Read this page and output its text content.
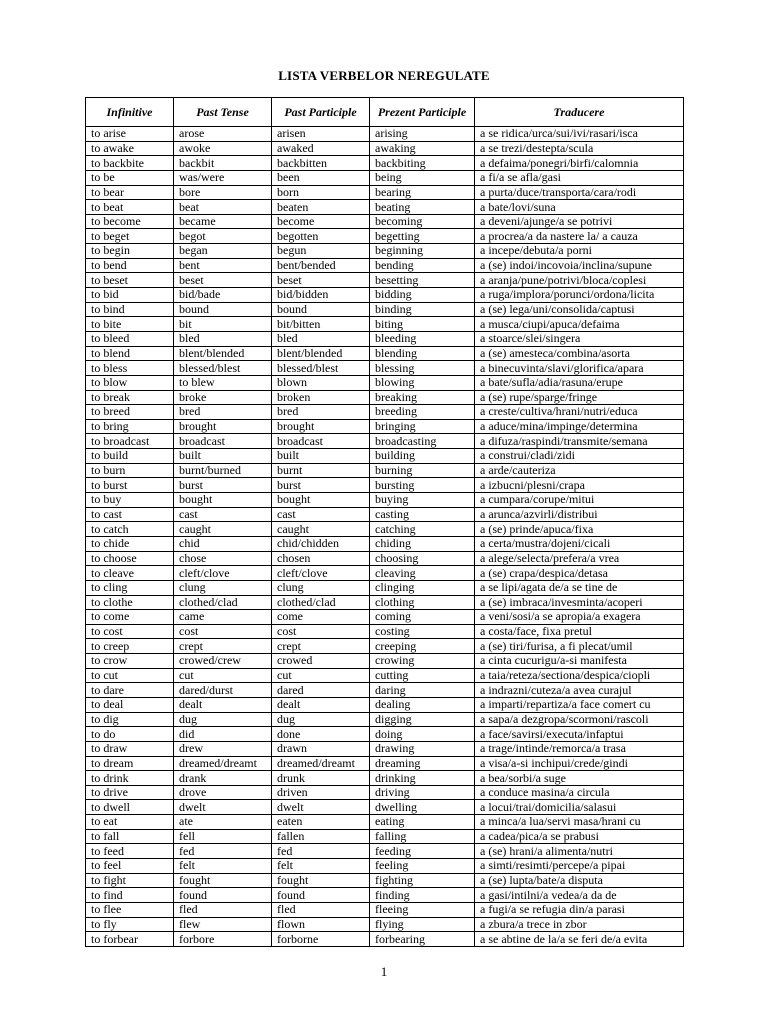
LISTA VERBELOR NEREGULATE
Infinitive	Past Tense	Past Participle	Prezent Participle	Traducere
to arise	arose	arisen	arising	a se ridica/urca/sui/ivi/rasari/isca
to awake	awoke	awaked	awaking	a se trezi/destepta/scula
to backbite	backbit	backbitten	backbiting	a defaima/ponegri/birfi/calomnia
to be	was/were	been	being	a fi/a se afla/gasi
to bear	bore	born	bearing	a purta/duce/transporta/cara/rodi
to beat	beat	beaten	beating	a bate/lovi/suna
to become	became	become	becoming	a deveni/ajunge/a se potrivi
to beget	begot	begotten	begetting	a procrea/a da nastere la/ a cauza
to begin	began	begun	beginning	a incepe/debuta/a porni
to bend	bent	bent/bended	bending	a (se) indoi/incovoia/inclina/supune
to beset	beset	beset	besetting	a aranja/pune/potrivi/bloca/coplesi
to bid	bid/bade	bid/bidden	bidding	a ruga/implora/porunci/ordona/licita
to bind	bound	bound	binding	a (se) lega/uni/consolida/captusi
to bite	bit	bit/bitten	biting	a musca/ciupi/apuca/defaima
to bleed	bled	bled	bleeding	a stoarce/slei/singera
to blend	blent/blended	blent/blended	blending	a (se) amesteca/combina/asorta
to bless	blessed/blest	blessed/blest	blessing	a binecuvinta/slavi/glorifica/apara
to blow	to blew	blown	blowing	a bate/sufla/adia/rasuna/erupe
to break	broke	broken	breaking	a (se) rupe/sparge/fringe
to breed	bred	bred	breeding	a creste/cultiva/hrani/nutri/educa
to bring	brought	brought	bringing	a aduce/mina/impinge/determina
to broadcast	broadcast	broadcast	broadcasting	a difuza/raspindi/transmite/semana
to build	built	built	building	a construi/cladi/zidi
to burn	burnt/burned	burnt	burning	a arde/cauteriza
to burst	burst	burst	bursting	a izbucni/plesni/crapa
to buy	bought	bought	buying	a cumpara/corupe/mitui
to cast	cast	cast	casting	a arunca/azvirli/distribui
to catch	caught	caught	catching	a (se) prinde/apuca/fixa
to chide	chid	chid/chidden	chiding	a certa/mustra/dojeni/cicali
to choose	chose	chosen	choosing	a alege/selecta/prefera/a vrea
to cleave	cleft/clove	cleft/clove	cleaving	a (se) crapa/despica/detasa
to cling	clung	clung	clinging	a se lipi/agata de/a se tine de
to clothe	clothed/clad	clothed/clad	clothing	a (se) imbraca/invesminta/acoperi
to come	came	come	coming	a veni/sosi/a se apropia/a exagera
to cost	cost	cost	costing	a costa/face, fixa pretul
to creep	crept	crept	creeping	a (se) tiri/furisa, a fi plecat/umil
to crow	crowed/crew	crowed	crowing	a cinta cucurigu/a-si manifesta
to cut	cut	cut	cutting	a taia/reteza/sectiona/despica/ciopli
to dare	dared/durst	dared	daring	a indrazni/cuteza/a avea curajul
to deal	dealt	dealt	dealing	a imparti/repartiza/a face comert cu
to dig	dug	dug	digging	a sapa/a dezgropa/scormoni/rascoli
to do	did	done	doing	a face/savirsi/executa/infaptui
to draw	drew	drawn	drawing	a trage/intinde/remorca/a trasa
to dream	dreamed/dreamt	dreamed/dreamt	dreaming	a visa/a-si inchipui/crede/gindi
to drink	drank	drunk	drinking	a bea/sorbi/a suge
to drive	drove	driven	driving	a conduce masina/a circula
to dwell	dwelt	dwelt	dwelling	a locui/trai/domicilia/salasui
to eat	ate	eaten	eating	a minca/a lua/servi masa/hrani cu
to fall	fell	fallen	falling	a cadea/pica/a se prabusi
to feed	fed	fed	feeding	a (se) hrani/a alimenta/nutri
to feel	felt	felt	feeling	a simti/resimti/percepe/a pipai
to fight	fought	fought	fighting	a (se) lupta/bate/a disputa
to find	found	found	finding	a gasi/intilni/a vedea/a da de
to flee	fled	fled	fleeing	a fugi/a se refugia din/a parasi
to fly	flew	flown	flying	a zbura/a trece in zbor
to forbear	forbore	forborne	forbearing	a se abtine de la/a se feri de/a evita
1
